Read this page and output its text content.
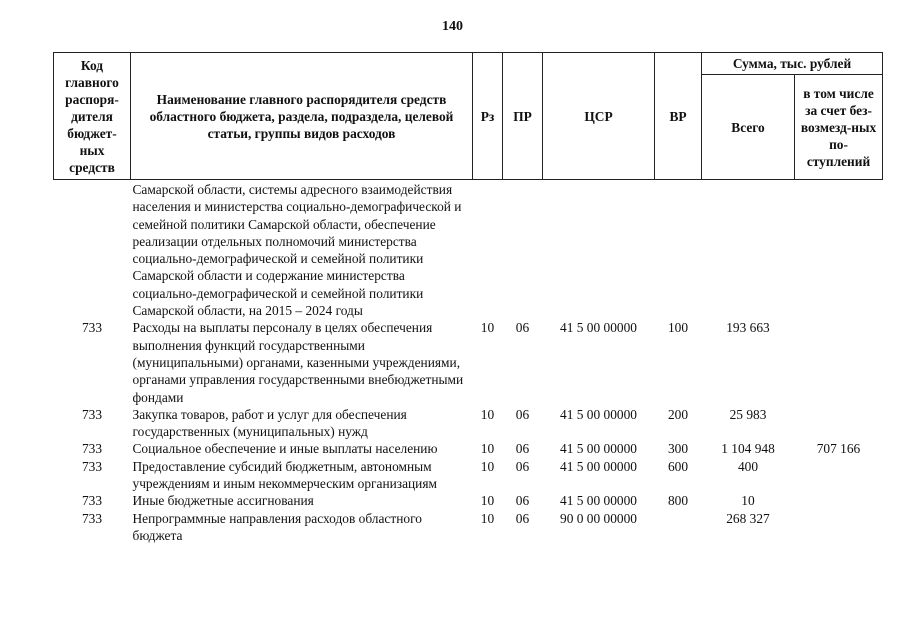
140
Код главного распоря-дителя бюджет-ных средств	Наименование главного распорядителя средств областного бюджета, раздела, подраздела, целевой статьи, группы видов расходов	Рз	ПР	ЦСР	ВР	Сумма, тыс. рублей	
						Всего	в том числе за счет без-возмезд-ных по-ступлений
	Самарской области, системы адресного взаимодействия населения и министерства социально-демографической и семейной политики Самарской области, обеспечение реализации отдельных полномочий министерства социально-демографической и семейной политики Самарской области и содержание министерства социально-демографической и семейной политики Самарской области, на 2015 – 2024 годы						
733	Расходы на выплаты персоналу в целях обеспечения выполнения функций государственными (муниципальными) органами, казенными учреждениями, органами управления государственными внебюджетными фондами	10	06	41 5 00 00000	100	193 663	
733	Закупка товаров, работ и услуг для обеспечения государственных (муниципальных) нужд	10	06	41 5 00 00000	200	25 983	
733	Социальное обеспечение и иные выплаты населению	10	06	41 5 00 00000	300	1 104 948	707 166
733	Предоставление субсидий бюджетным, автономным учреждениям и иным некоммерческим организациям	10	06	41 5 00 00000	600	400	
733	Иные бюджетные ассигнования	10	06	41 5 00 00000	800	10	
733	Непрограммные направления расходов областного бюджета	10	06	90 0 00 00000		268 327	
